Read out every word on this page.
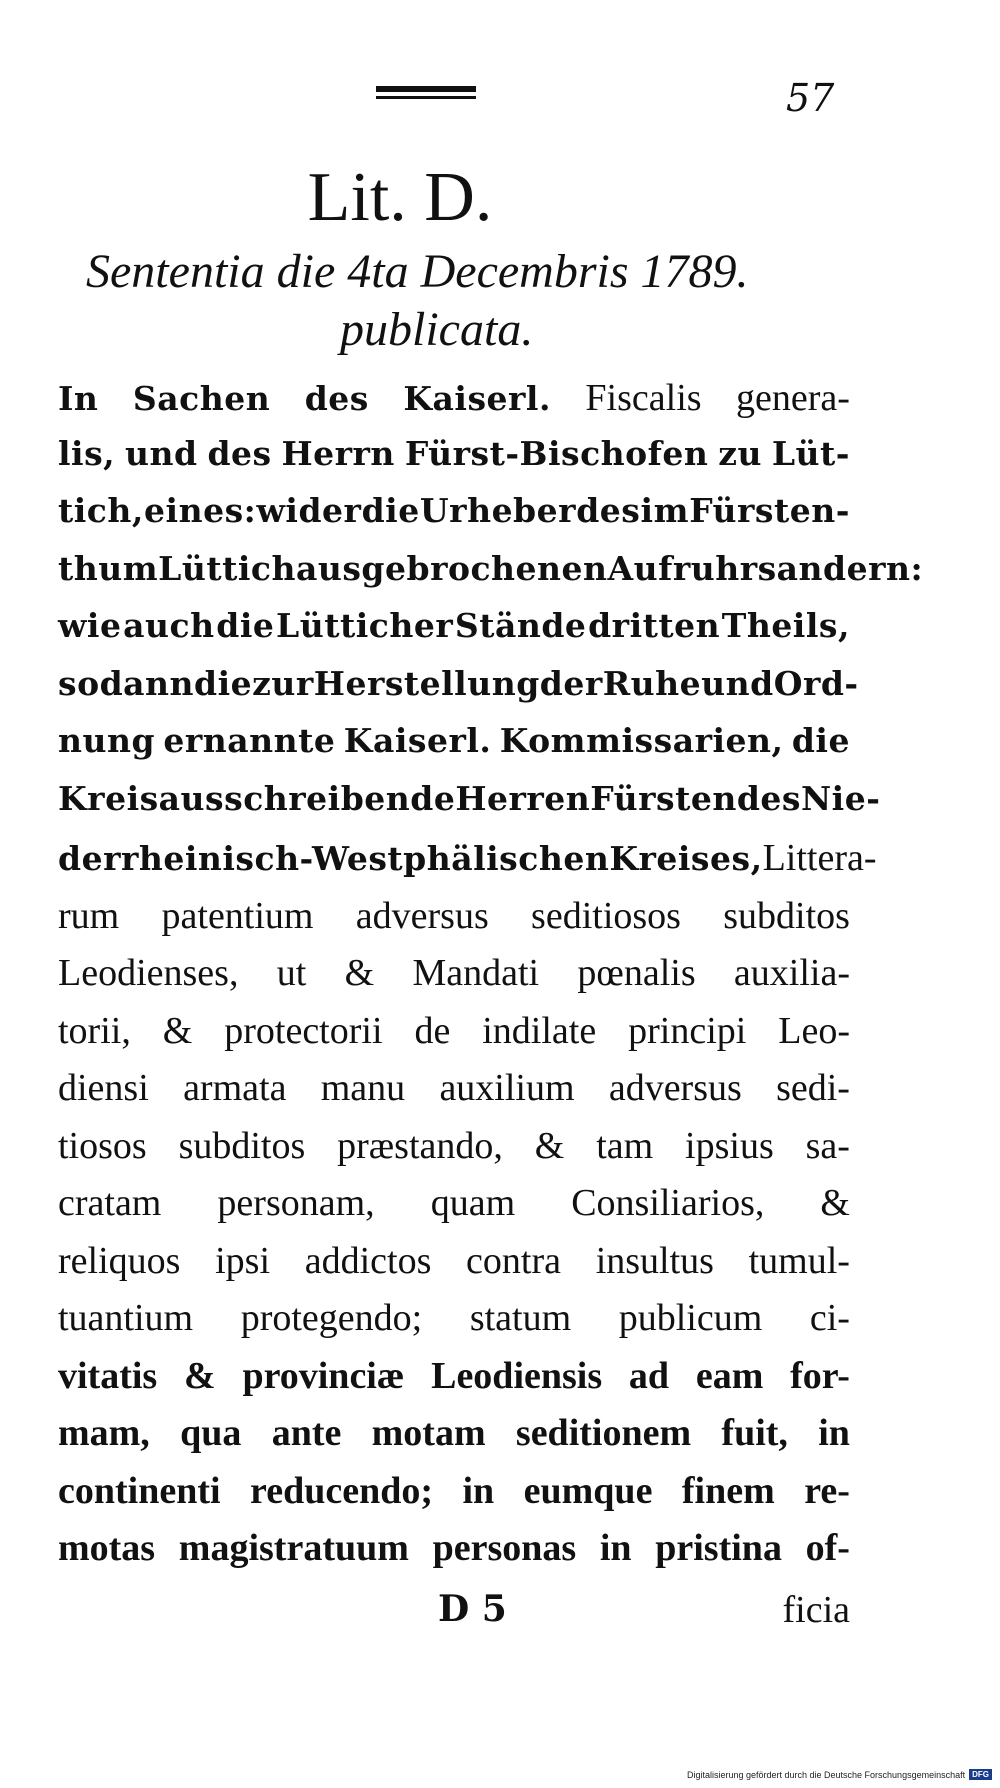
57
Lit. D.
Sententia die 4ta Decembris 1789.
publicata.
In Sachen des Kaiserl. Fiscalis genera-
lis, und des Herrn Fürst-Bischofen zu Lüt-
tich, eines: wider die Urheber des im Fürsten-
thum Lüttich ausgebrochenen Aufruhrs andern:
wie auch die Lütticher Stände dritten Theils,
sodann die zur Herstellung der Ruhe und Ord-
nung ernannte Kaiserl. Kommissarien, die
Kreisausschreibende Herren Fürsten des Nie-
derrheinisch-Westphälischen Kreises, Littera-
rum patentium adversus seditiosos subditos
Leodienses, ut & Mandati pœnalis auxilia-
torii, & protectorii de indilate principi Leo-
diensi armata manu auxilium adversus sedi-
tiosos subditos præstando, & tam ipsius sa-
cratam personam, quam Consiliarios, &
reliquos ipsi addictos contra insultus tumul-
tuantium protegendo; statum publicum ci-
vitatis & provinciæ Leodiensis ad eam for-
mam, qua ante motam seditionem fuit, in
continenti reducendo; in eumque finem re-
motas magistratuum personas in pristina of-
D 5	ficia
Digitalisierung gefördert durch die Deutsche Forschungsgemeinschaft DFG
